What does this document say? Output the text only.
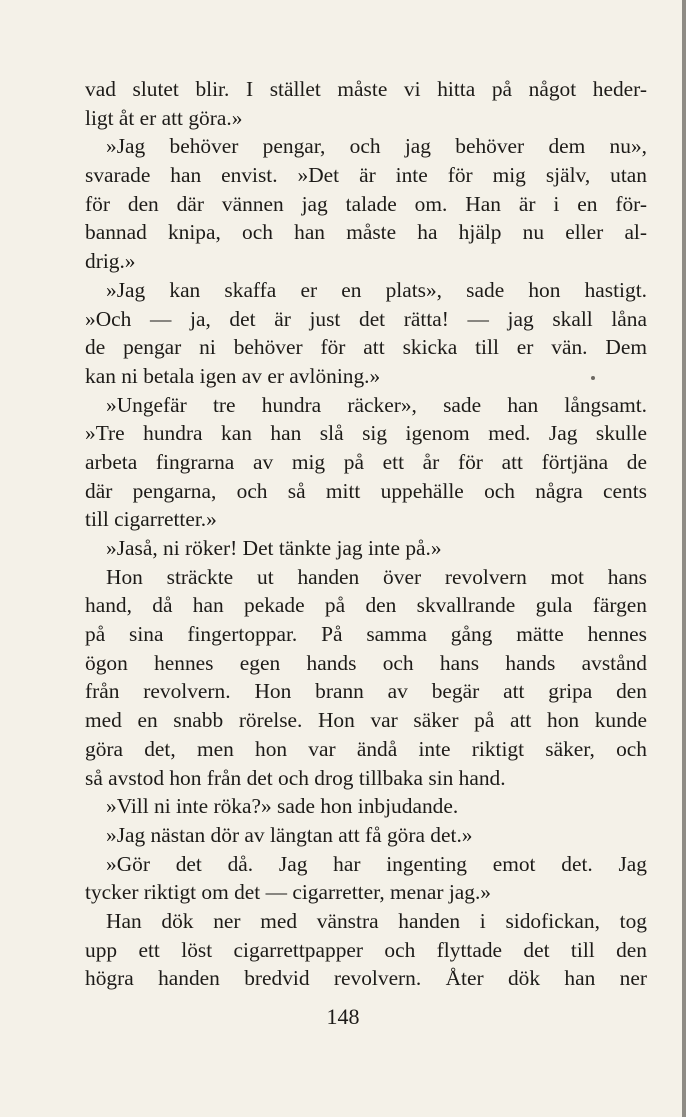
vad slutet blir. I stället måste vi hitta på något heder-
ligt åt er att göra.»
»Jag behöver pengar, och jag behöver dem nu»,
svarade han envist. »Det är inte för mig själv, utan
för den där vännen jag talade om. Han är i en för-
bannad knipa, och han måste ha hjälp nu eller al-
drig.»
»Jag kan skaffa er en plats», sade hon hastigt.
»Och — ja, det är just det rätta! — jag skall låna
de pengar ni behöver för att skicka till er vän. Dem
kan ni betala igen av er avlöning.»
»Ungefär tre hundra räcker», sade han långsamt.
»Tre hundra kan han slå sig igenom med. Jag skulle
arbeta fingrarna av mig på ett år för att förtjäna de
där pengarna, och så mitt uppehälle och några cents
till cigarretter.»
»Jaså, ni röker! Det tänkte jag inte på.»
Hon sträckte ut handen över revolvern mot hans
hand, då han pekade på den skvallrande gula färgen
på sina fingertoppar. På samma gång mätte hennes
ögon hennes egen hands och hans hands avstånd
från revolvern. Hon brann av begär att gripa den
med en snabb rörelse. Hon var säker på att hon kunde
göra det, men hon var ändå inte riktigt säker, och
så avstod hon från det och drog tillbaka sin hand.
»Vill ni inte röka?» sade hon inbjudande.
»Jag nästan dör av längtan att få göra det.»
»Gör det då. Jag har ingenting emot det. Jag
tycker riktigt om det — cigarretter, menar jag.»
Han dök ner med vänstra handen i sidofickan, tog
upp ett löst cigarrettpapper och flyttade det till den
högra handen bredvid revolvern. Åter dök han ner
148
